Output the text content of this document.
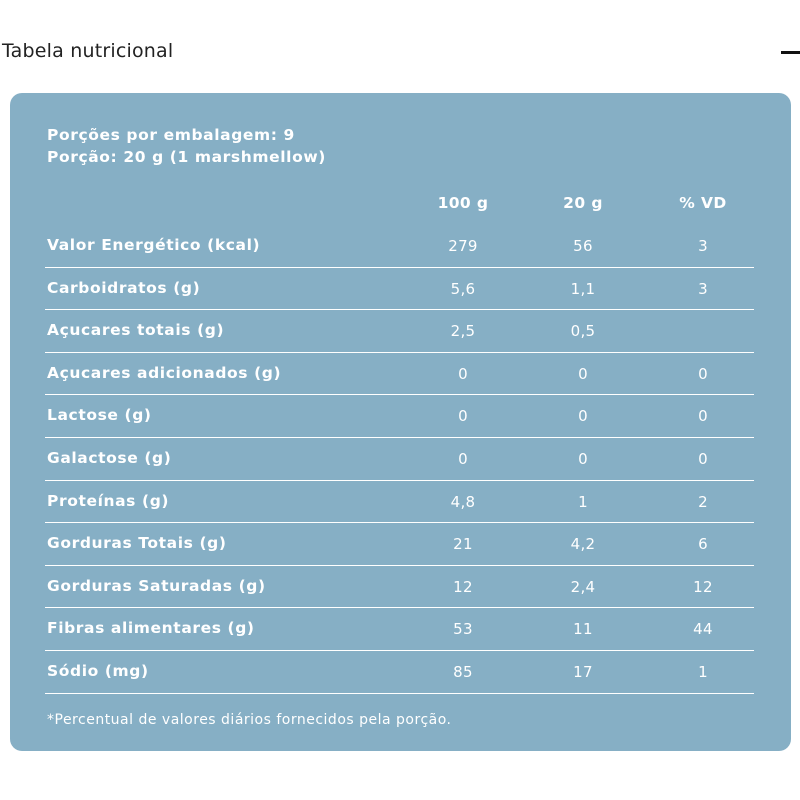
Tabela nutricional
Porções por embalagem: 9
Porção: 20 g (1 marshmellow)
100 g	20 g	% VD
Valor Energético (kcal)	279	56	3
Carboidratos (g)	5,6	1,1	3
Açucares totais (g)	2,5	0,5
Açucares adicionados (g)	0	0	0
Lactose (g)	0	0	0
Galactose (g)	0	0	0
Proteínas (g)	4,8	1	2
Gorduras Totais (g)	21	4,2	6
Gorduras Saturadas (g)	12	2,4	12
Fibras alimentares (g)	53	11	44
Sódio (mg)	85	17	1
*Percentual de valores diários fornecidos pela porção.
